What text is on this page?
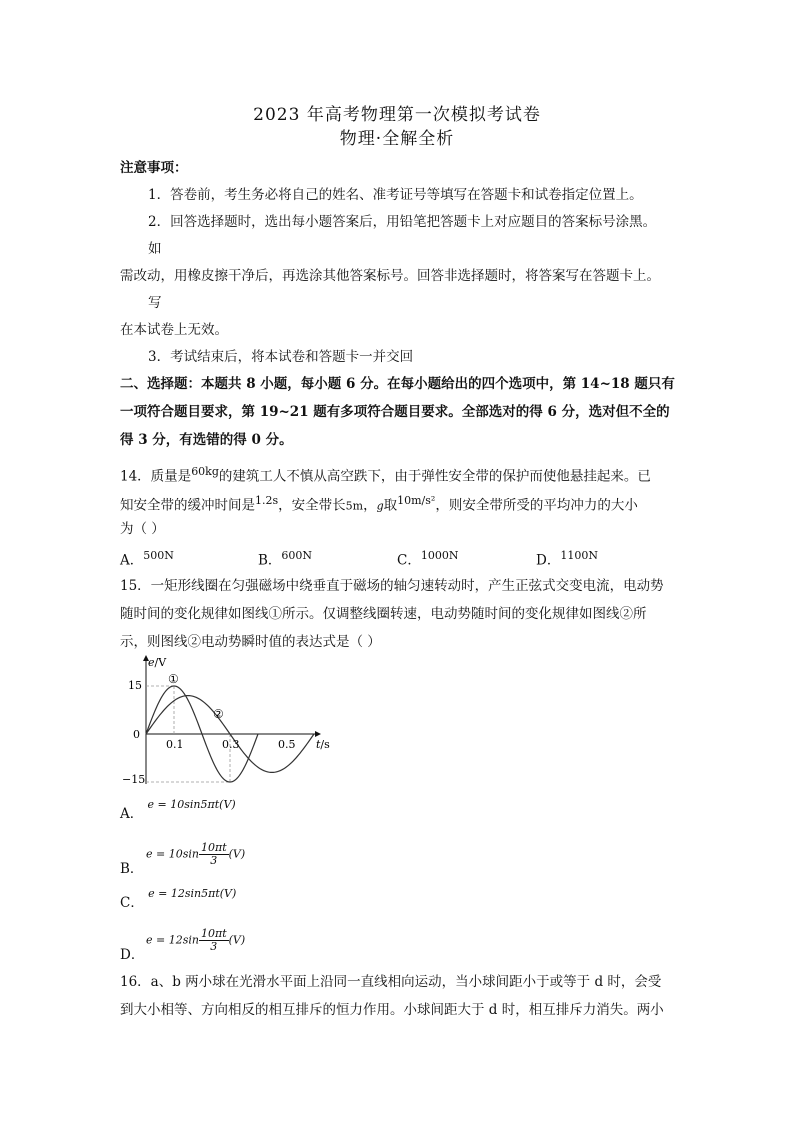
2023 年高考物理第一次模拟考试卷
物理·全解全析
注意事项：
1．答卷前，考生务必将自己的姓名、准考证号等填写在答题卡和试卷指定位置上。
2．回答选择题时，选出每小题答案后，用铅笔把答题卡上对应题目的答案标号涂黑。
如
需改动，用橡皮擦干净后，再选涂其他答案标号。回答非选择题时，将答案写在答题卡上。
写
在本试卷上无效。
3．考试结束后，将本试卷和答题卡一并交回
二、选择题：本题共 8 小题，每小题 6 分。在每小题给出的四个选项中，第 14~18 题只有
一项符合题目要求，第 19~21 题有多项符合题目要求。全部选对的得 6 分，选对但不全的
得 3 分，有选错的得 0 分。
14．质量是$^{60kg}$的建筑工人不慎从高空跌下，由于弹性安全带的保护而使他悬挂起来。已
知安全带的缓冲时间是$^{1.2s}$，安全带长5m，g取$^{10m/s^2}$，则安全带所受的平均冲力的大小
为（ ）
A．$^{500N}$	B．$^{600N}$	C．$^{1000N}$	D．$^{1100N}$
15．一矩形线圈在匀强磁场中绕垂直于磁场的轴匀速转动时，产生正弦式交变电流，电动势
随时间的变化规律如图线①所示。仅调整线圈转速，电动势随时间的变化规律如图线②所
示，则图线②电动势瞬时值的表达式是（ ）
e/V
t/s
15
0
−15
0.1	0.3	0.5
①
②
A． $^{e = 10sin5\pi t(V)}$
B．
$e = 10\sin \frac{10\pi t}{3} (V)$
C． $^{e = 12sin5\pi t(V)}$
D．
$e = 12\sin \frac{10\pi t}{3} (V)$
16．a、b 两小球在光滑水平面上沿同一直线相向运动，当小球间距小于或等于 d 时，会受
到大小相等、方向相反的相互排斥的恒力作用。小球间距大于 d 时，相互排斥力消失。两小
